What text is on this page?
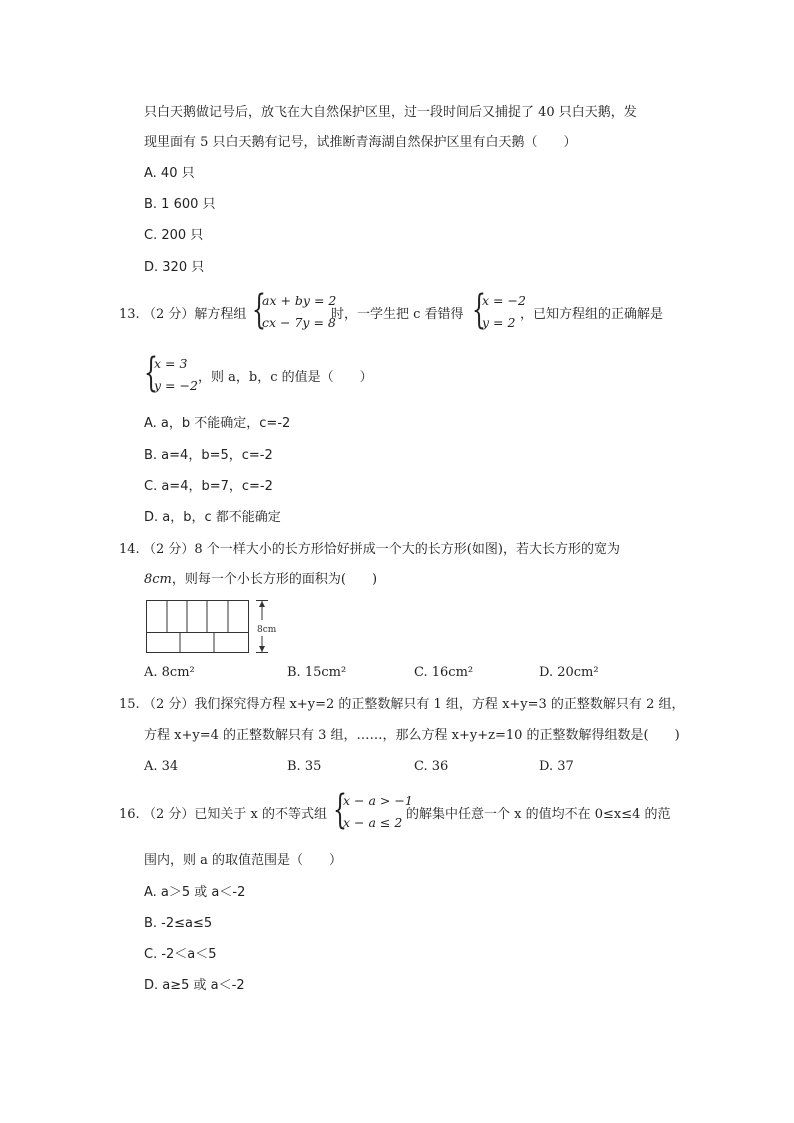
只白天鹅做记号后，放飞在大自然保护区里，过一段时间后又捕捉了 40 只白天鹅，发
现里面有 5 只白天鹅有记号，试推断青海湖自然保护区里有白天鹅（　　）
A. 40 只
B. 1 600 只
C. 200 只
D. 320 只
13. （2 分）解方程组 {
ax + by = 2
cx − 7y = 8
时，一学生把 c 看错得 {
x = −2
y = 2
，已知方程组的正确解是
{
x = 3
y = −2
，则 a，b，c 的值是（　　）
A. a，b 不能确定，c=-2
B. a=4，b=5，c=-2
C. a=4，b=7，c=-2
D. a，b，c 都不能确定
14. （2 分）8 个一样大小的长方形恰好拼成一个大的长方形(如图)，若大长方形的宽为
8cm，则每一个小长方形的面积为(　　)
8cm
A. 8cm²	B. 15cm²	C. 16cm²	D. 20cm²
15. （2 分）我们探究得方程 x+y=2 的正整数解只有 1 组，方程 x+y=3 的正整数解只有 2 组，
方程 x+y=4 的正整数解只有 3 组，……，那么方程 x+y+z=10 的正整数解得组数是(　　)
A. 34	B. 35	C. 36	D. 37
16. （2 分）已知关于 x 的不等式组 {
x − a > −1
x − a ≤ 2
的解集中任意一个 x 的值均不在 0≤x≤4 的范
围内，则 a 的取值范围是（　　）
A. a＞5 或 a＜-2
B. -2≤a≤5
C. -2＜a＜5
D. a≥5 或 a＜-2
